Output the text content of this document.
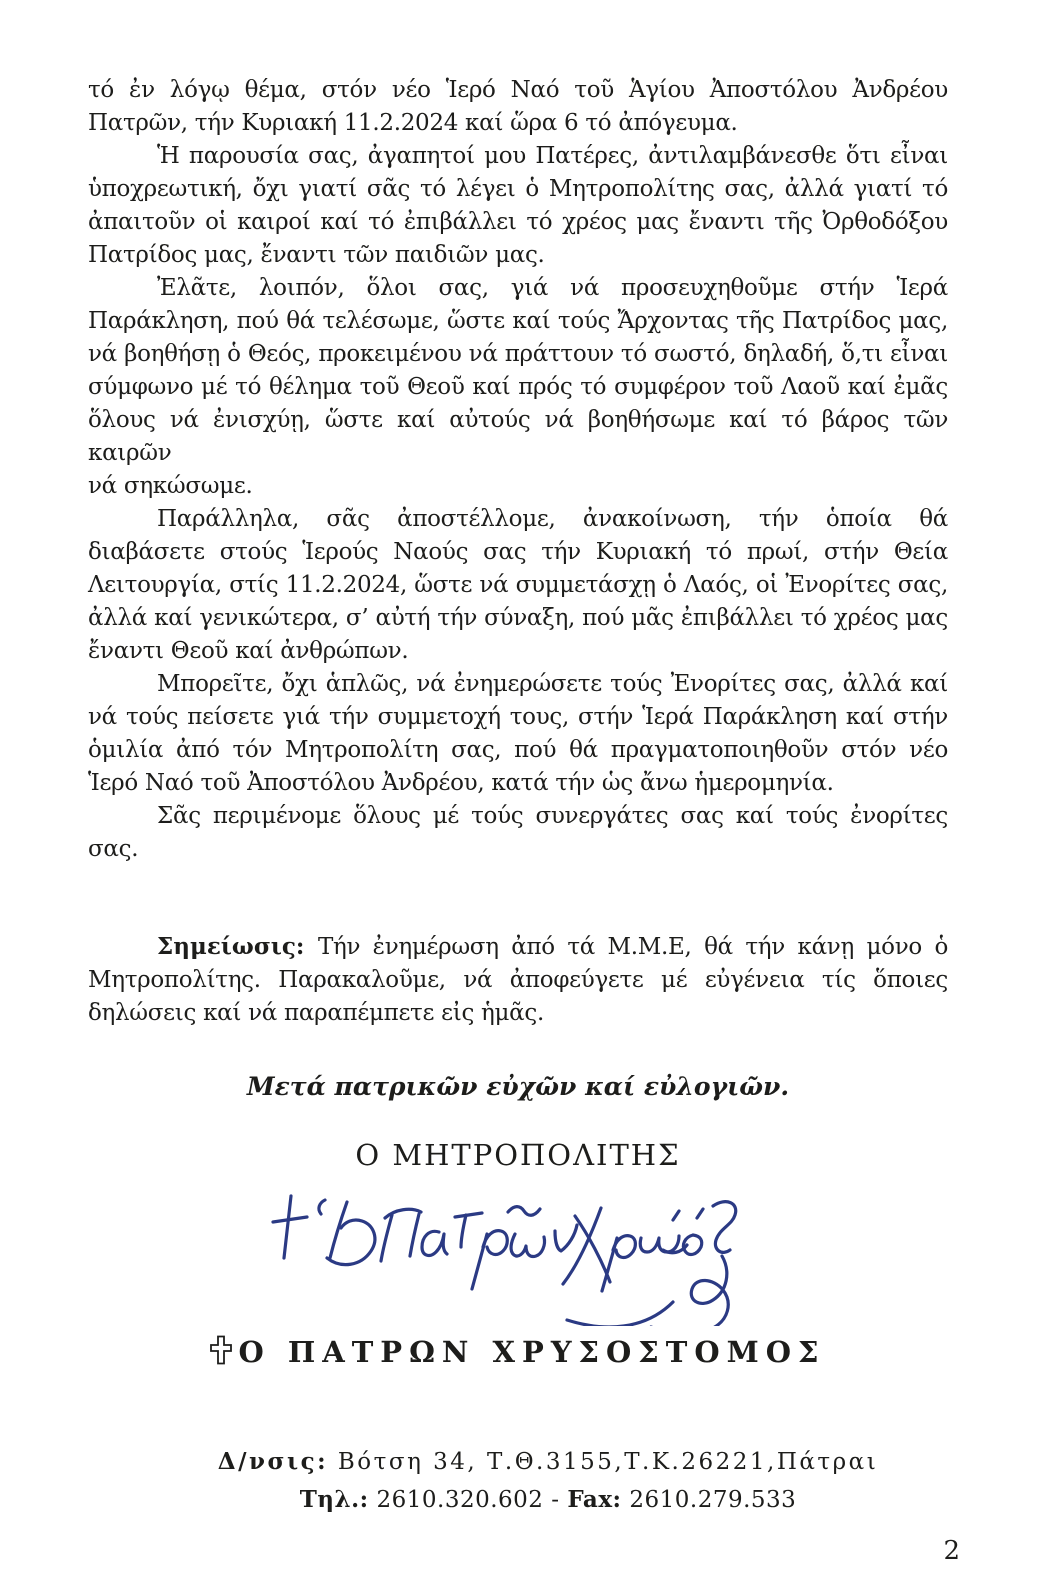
τό ἐν λόγῳ θέμα, στόν νέο Ἱερό Ναό τοῦ Ἁγίου Ἀποστόλου Ἀνδρέου
Πατρῶν, τήν Κυριακή 11.2.2024 καί ὥρα 6 τό ἀπόγευμα.
Ἡ παρουσία σας, ἀγαπητοί μου Πατέρες, ἀντιλαμβάνεσθε ὅτι εἶναι
ὑποχρεωτική, ὄχι γιατί σᾶς τό λέγει ὁ Μητροπολίτης σας, ἀλλά γιατί τό
ἀπαιτοῦν οἱ καιροί καί τό ἐπιβάλλει τό χρέος μας ἔναντι τῆς Ὀρθοδόξου
Πατρίδος μας, ἔναντι τῶν παιδιῶν μας.
Ἐλᾶτε, λοιπόν, ὅλοι σας, γιά νά προσευχηθοῦμε στήν Ἱερά
Παράκληση, πού θά τελέσωμε, ὥστε καί τούς Ἄρχοντας τῆς Πατρίδος μας,
νά βοηθήσῃ ὁ Θεός, προκειμένου νά πράττουν τό σωστό, δηλαδή, ὅ,τι εἶναι
σύμφωνο μέ τό θέλημα τοῦ Θεοῦ καί πρός τό συμφέρον τοῦ Λαοῦ καί ἐμᾶς
ὅλους νά ἐνισχύῃ, ὥστε καί αὐτούς νά βοηθήσωμε καί τό βάρος τῶν καιρῶν
νά σηκώσωμε.
Παράλληλα, σᾶς ἀποστέλλομε, ἀνακοίνωση, τήν ὁποία θά
διαβάσετε στούς Ἱερούς Ναούς σας τήν Κυριακή τό πρωί, στήν Θεία
Λειτουργία, στίς 11.2.2024, ὥστε νά συμμετάσχῃ ὁ Λαός, οἱ Ἐνορίτες σας,
ἀλλά καί γενικώτερα, σ’ αὐτή τήν σύναξη, πού μᾶς ἐπιβάλλει τό χρέος μας
ἔναντι Θεοῦ καί ἀνθρώπων.
Μπορεῖτε, ὄχι ἁπλῶς, νά ἐνημερώσετε τούς Ἐνορίτες σας, ἀλλά καί
νά τούς πείσετε γιά τήν συμμετοχή τους, στήν Ἱερά Παράκληση καί στήν
ὁμιλία ἀπό τόν Μητροπολίτη σας, πού θά πραγματοποιηθοῦν στόν νέο
Ἱερό Ναό τοῦ Ἀποστόλου Ἀνδρέου, κατά τήν ὡς ἄνω ἡμερομηνία.
Σᾶς περιμένομε ὅλους μέ τούς συνεργάτες σας καί τούς ἐνορίτες
σας.
Σημείωσις: Τήν ἐνημέρωση ἀπό τά Μ.Μ.Ε, θά τήν κάνῃ μόνο ὁ
Μητροπολίτης. Παρακαλοῦμε, νά ἀποφεύγετε μέ εὐγένεια τίς ὅποιες
δηλώσεις καί νά παραπέμπετε εἰς ἡμᾶς.
Μετά πατρικῶν εὐχῶν καί εὐλογιῶν.
Ο ΜΗΤΡΟΠΟΛΙΤΗΣ
Ο ΠΑΤΡΩΝ ΧΡΥΣΟΣΤΟΜΟΣ
Δ/νσις: Βότση 34, Τ.Θ.3155,Τ.Κ.26221,Πάτραι
Τηλ.: 2610.320.602 - Fax: 2610.279.533
2
